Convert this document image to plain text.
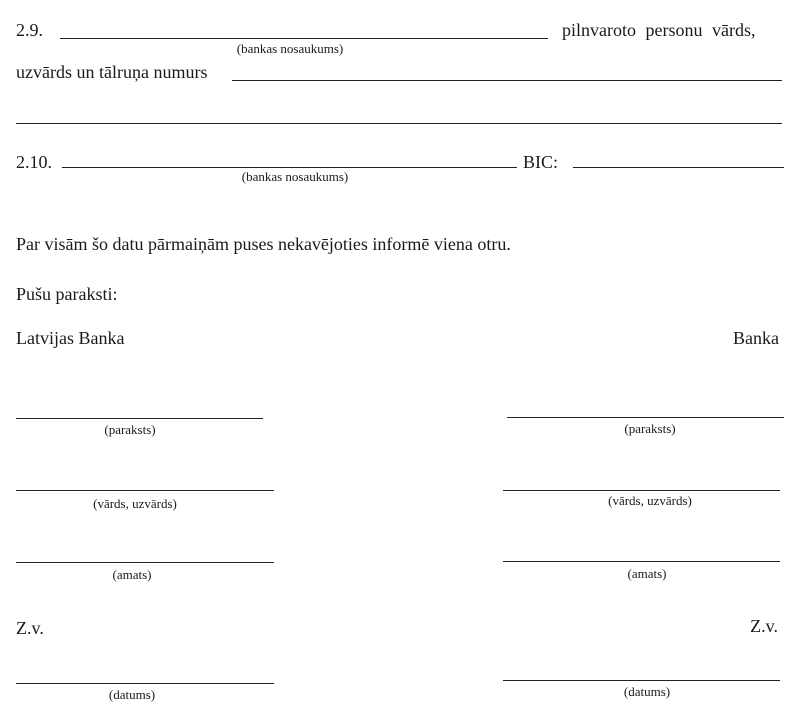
2.9.
(bankas nosaukums)
pilnvaroto personu vārds,
uzvārds un tālruņa numurs
2.10.
(bankas nosaukums)
BIC:
Par visām šo datu pārmaiņām puses nekavējoties informē viena otru.
Pušu paraksti:
Latvijas Banka	Banka
(paraksts)
(vārds, uzvārds)
(amats)
Z.v.
(datums)
(paraksts)
(vārds, uzvārds)
(amats)
Z.v.
(datums)
